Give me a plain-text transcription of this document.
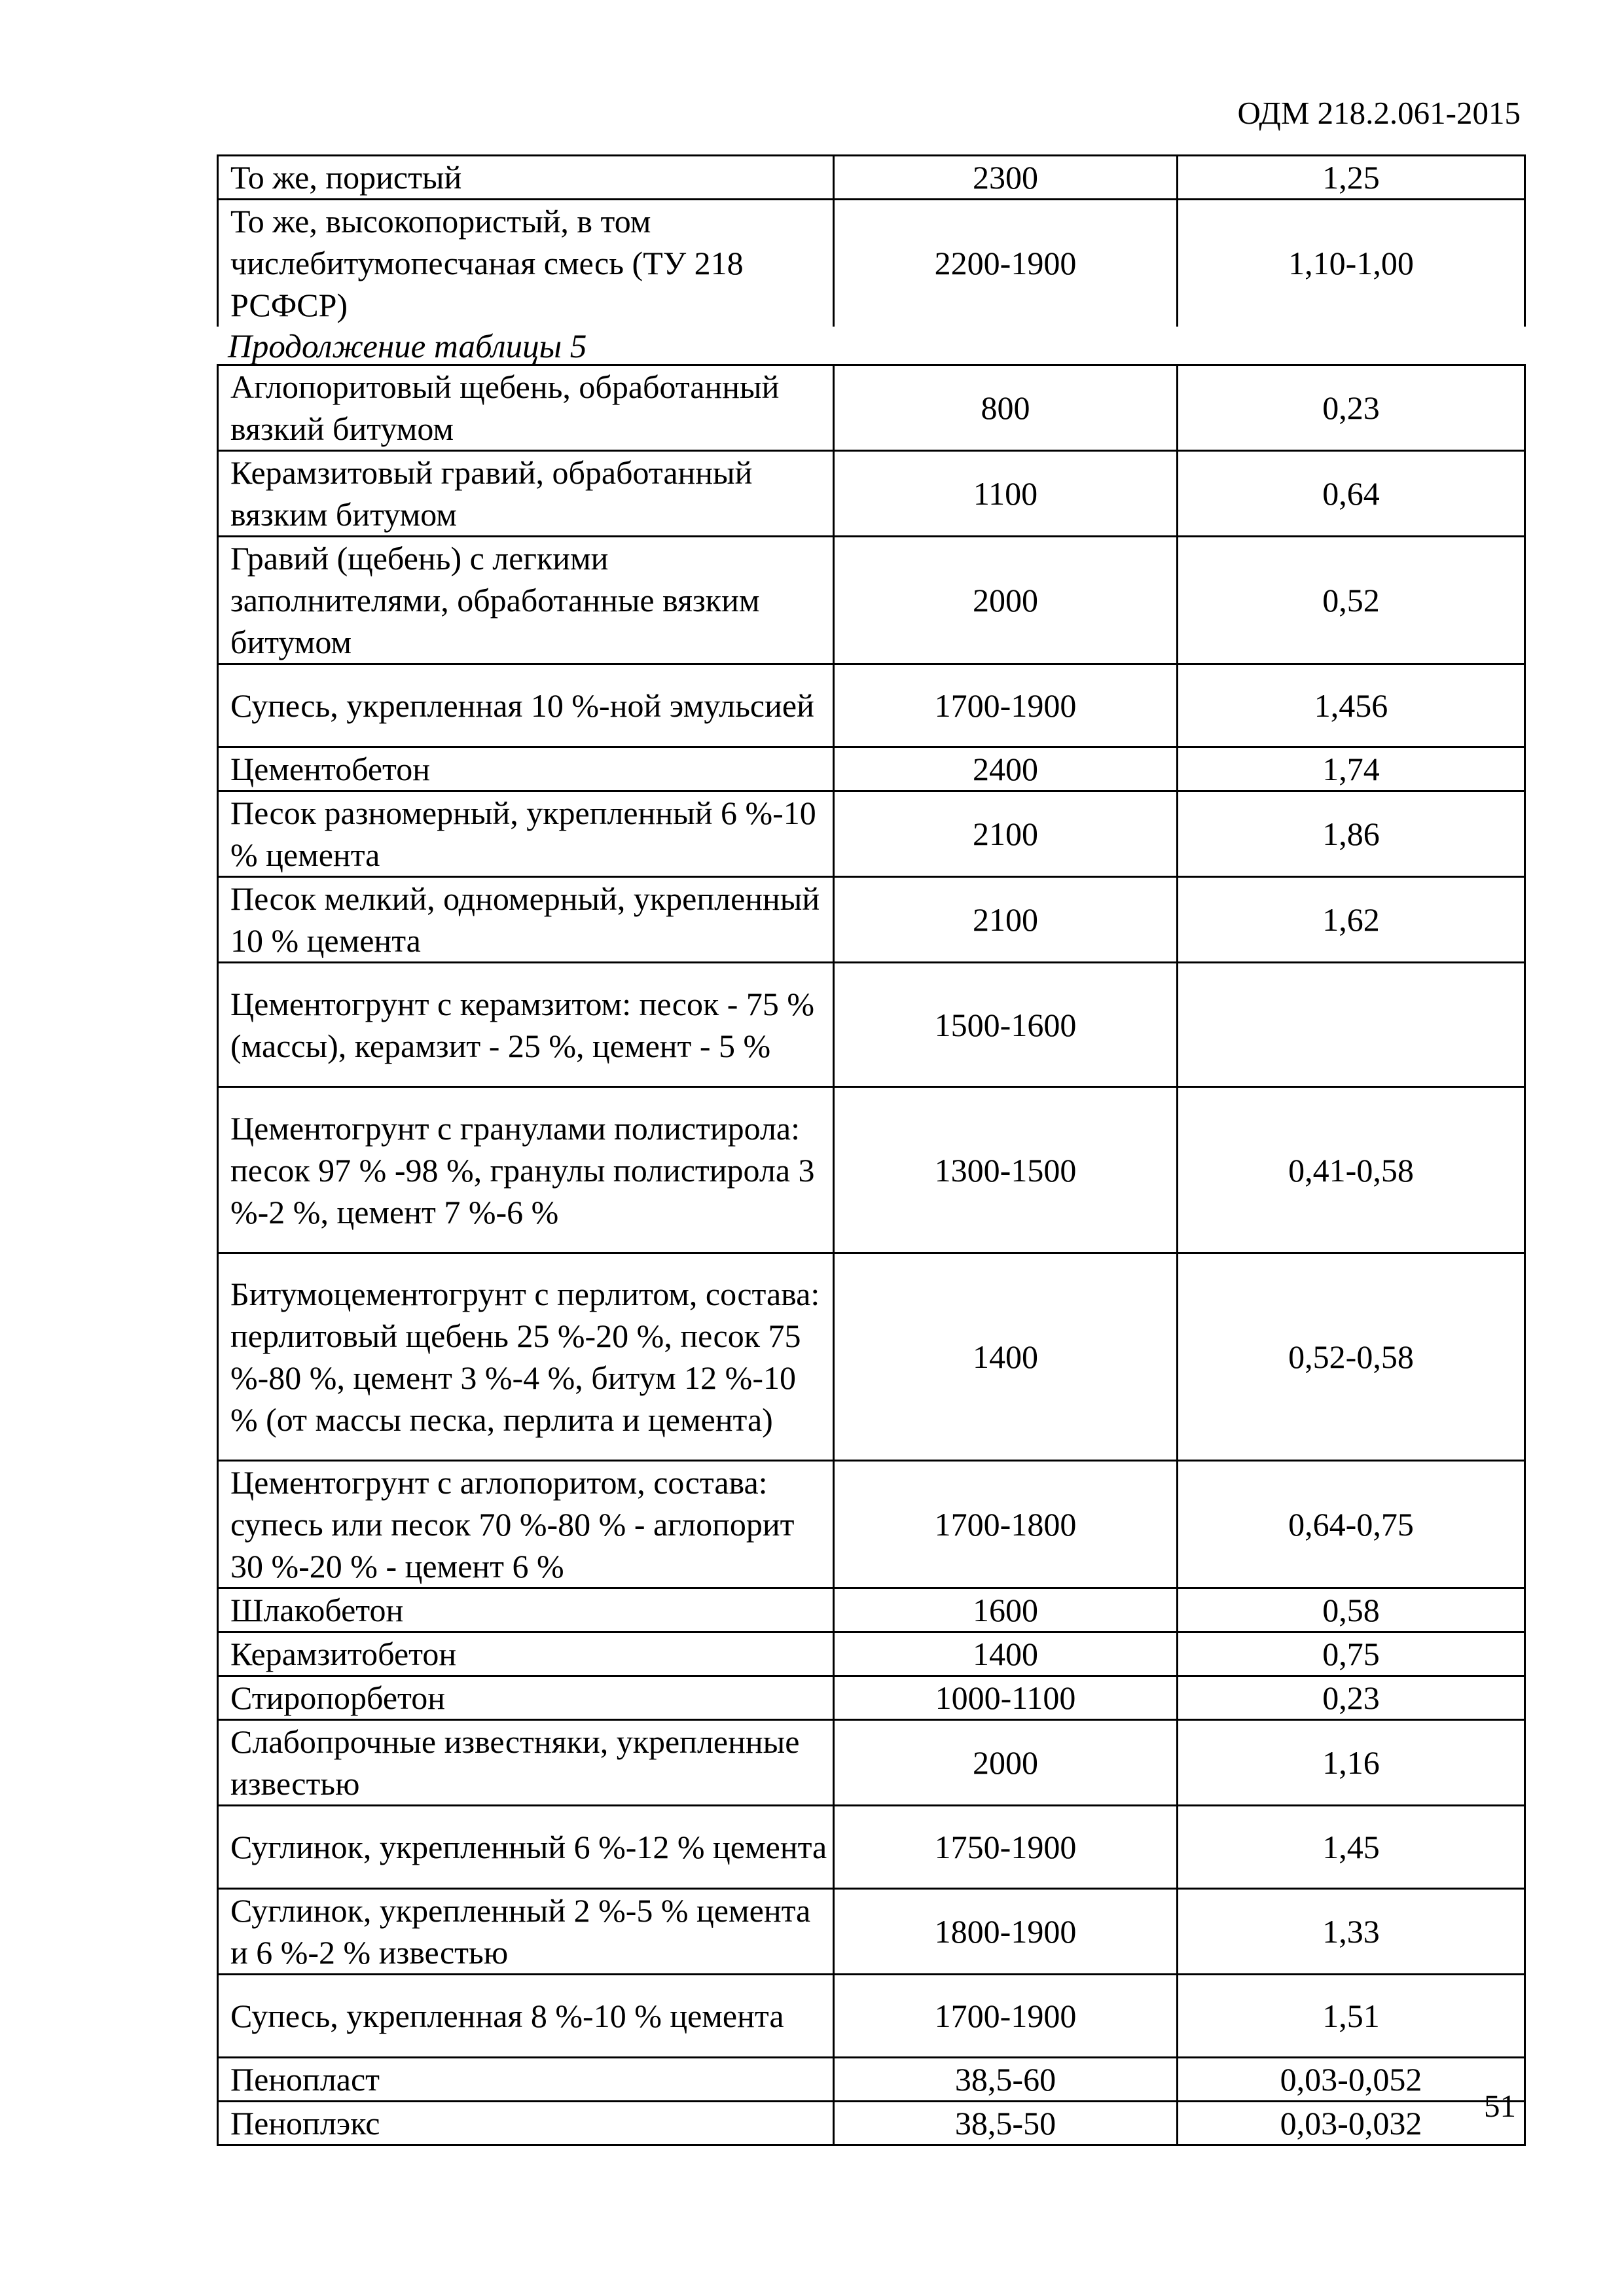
ОДМ 218.2.061-2015
То же, пористый	2300	1,25
То же, высокопористый, в том числебитумопесчаная смесь (ТУ 218 РСФСР)	2200-1900	1,10-1,00
Продолжение таблицы 5
Аглопоритовый щебень, обработанный вязкий битумом	800	0,23
Керамзитовый гравий, обработанный вязким битумом	1100	0,64
Гравий (щебень) с легкими заполнителями, обработанные вязким битумом	2000	0,52
Супесь, укрепленная 10 %-ной эмульсией	1700-1900	1,456
Цементобетон	2400	1,74
Песок разномерный, укрепленный 6 %-10 % цемента	2100	1,86
Песок мелкий, одномерный, укрепленный 10 % цемента	2100	1,62
Цементогрунт с керамзитом: песок - 75 % (массы), керамзит - 25 %, цемент - 5 %	1500-1600	
Цементогрунт с гранулами полистирола: песок 97 % -98 %, гранулы полистирола 3 %-2 %, цемент 7 %-6 %	1300-1500	0,41-0,58
Битумоцементогрунт с перлитом, состава: перлитовый щебень 25 %-20 %, песок 75 %-80 %, цемент 3 %-4 %, битум 12 %-10 % (от массы песка, перлита и цемента)	1400	0,52-0,58
Цементогрунт с аглопоритом, состава: супесь или песок 70 %-80 % - аглопорит 30 %-20 % - цемент 6 %	1700-1800	0,64-0,75
Шлакобетон	1600	0,58
Керамзитобетон	1400	0,75
Стиропорбетон	1000-1100	0,23
Слабопрочные известняки, укрепленные известью	2000	1,16
Суглинок, укрепленный 6 %-12 % цемента	1750-1900	1,45
Суглинок, укрепленный 2 %-5 % цемента и 6 %-2 % известью	1800-1900	1,33
Супесь, укрепленная 8 %-10 % цемента	1700-1900	1,51
Пенопласт	38,5-60	0,03-0,052
Пеноплэкс	38,5-50	0,03-0,032 51
